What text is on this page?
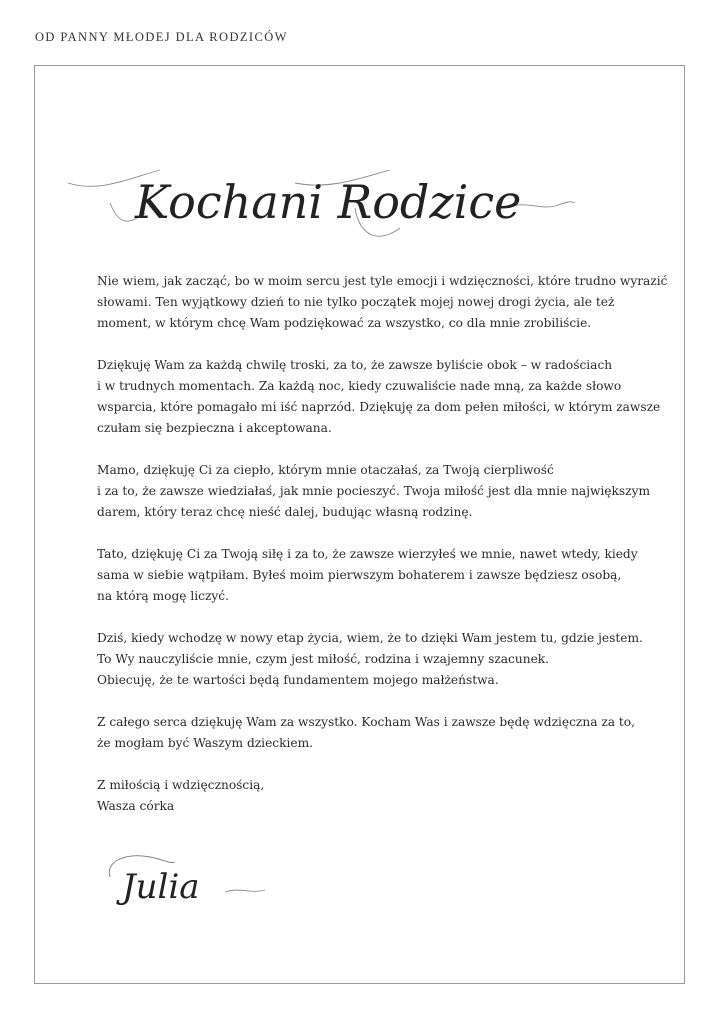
OD PANNY MŁODEJ DLA RODZICÓW
Kochani Rodzice

Nie wiem, jak zacząć, bo w moim sercu jest tyle emocji i wdzięczności, które trudno wyrazić
słowami. Ten wyjątkowy dzień to nie tylko początek mojej nowej drogi życia, ale też
moment, w którym chcę Wam podziękować za wszystko, co dla mnie zrobiliście.

Dziękuję Wam za każdą chwilę troski, za to, że zawsze byliście obok – w radościach
i w trudnych momentach. Za każdą noc, kiedy czuwaliście nade mną, za każde słowo
wsparcia, które pomagało mi iść naprzód. Dziękuję za dom pełen miłości, w którym zawsze
czułam się bezpieczna i akceptowana.

Mamo, dziękuję Ci za ciepło, którym mnie otaczałaś, za Twoją cierpliwość
i za to, że zawsze wiedziałaś, jak mnie pocieszyć. Twoja miłość jest dla mnie największym
darem, który teraz chcę nieść dalej, budując własną rodzinę.

Tato, dziękuję Ci za Twoją siłę i za to, że zawsze wierzyłeś we mnie, nawet wtedy, kiedy
sama w siebie wątpiłam. Byłeś moim pierwszym bohaterem i zawsze będziesz osobą,
na którą mogę liczyć.

Dziś, kiedy wchodzę w nowy etap życia, wiem, że to dzięki Wam jestem tu, gdzie jestem.
To Wy nauczyliście mnie, czym jest miłość, rodzina i wzajemny szacunek.
Obiecuję, że te wartości będą fundamentem mojego małżeństwa.

Z całego serca dziękuję Wam za wszystko. Kocham Was i zawsze będę wdzięczna za to,
że mogłam być Waszym dzieckiem.

Z miłością i wdzięcznością,
Wasza córka

Julia
